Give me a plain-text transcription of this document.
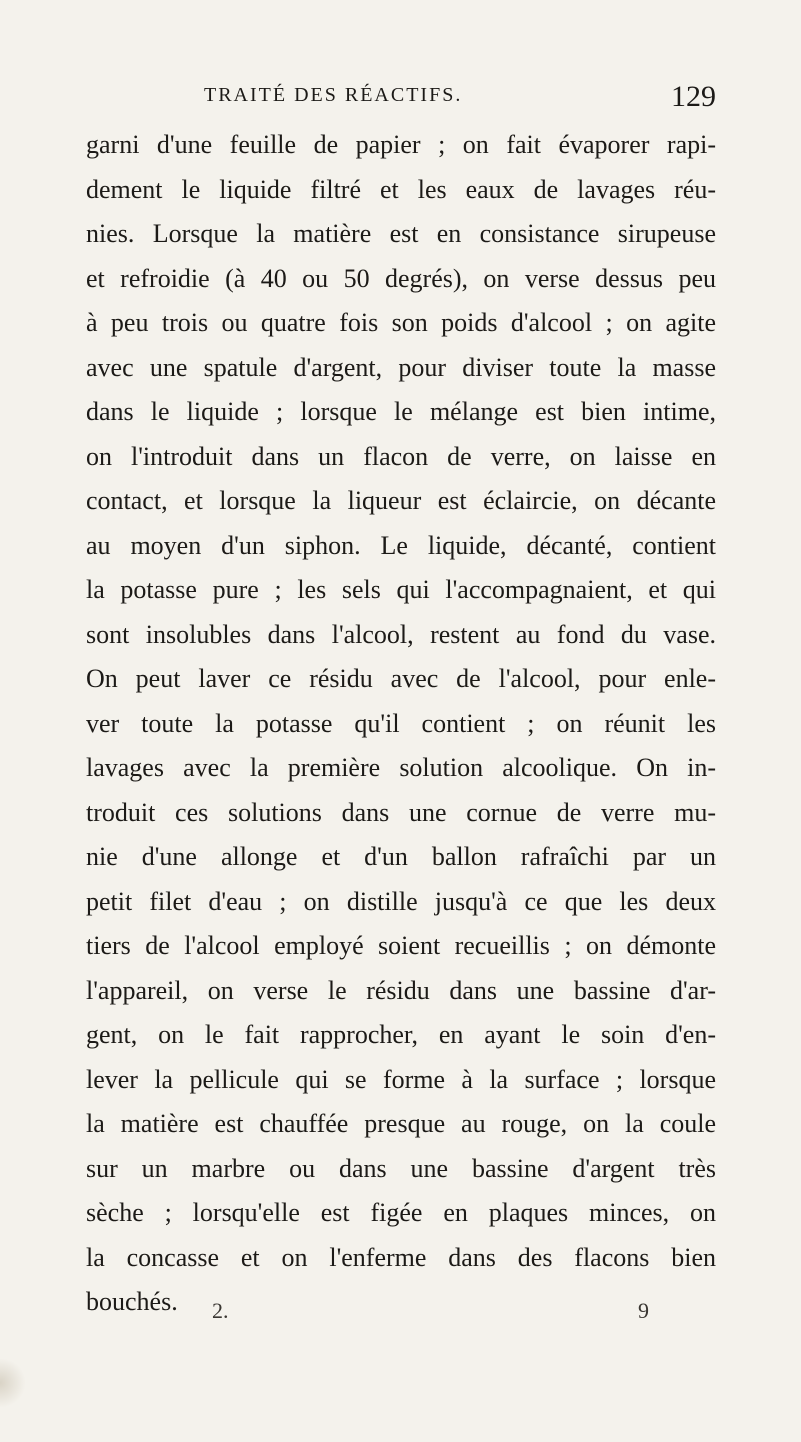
TRAITÉ DES RÉACTIFS.	129
garni d'une feuille de papier ; on fait évaporer rapi-
dement le liquide filtré et les eaux de lavages réu-
nies. Lorsque la matière est en consistance sirupeuse
et refroidie (à 40 ou 50 degrés), on verse dessus peu
à peu trois ou quatre fois son poids d'alcool ; on agite
avec une spatule d'argent, pour diviser toute la masse
dans le liquide ; lorsque le mélange est bien intime,
on l'introduit dans un flacon de verre, on laisse en
contact, et lorsque la liqueur est éclaircie, on décante
au moyen d'un siphon. Le liquide, décanté, contient
la potasse pure ; les sels qui l'accompagnaient, et qui
sont insolubles dans l'alcool, restent au fond du vase.
On peut laver ce résidu avec de l'alcool, pour enle-
ver toute la potasse qu'il contient ; on réunit les
lavages avec la première solution alcoolique. On in-
troduit ces solutions dans une cornue de verre mu-
nie d'une allonge et d'un ballon rafraîchi par un
petit filet d'eau ; on distille jusqu'à ce que les deux
tiers de l'alcool employé soient recueillis ; on démonte
l'appareil, on verse le résidu dans une bassine d'ar-
gent, on le fait rapprocher, en ayant le soin d'en-
lever la pellicule qui se forme à la surface ; lorsque
la matière est chauffée presque au rouge, on la coule
sur un marbre ou dans une bassine d'argent très
sèche ; lorsqu'elle est figée en plaques minces, on
la concasse et on l'enferme dans des flacons bien
bouchés.	2.	9
